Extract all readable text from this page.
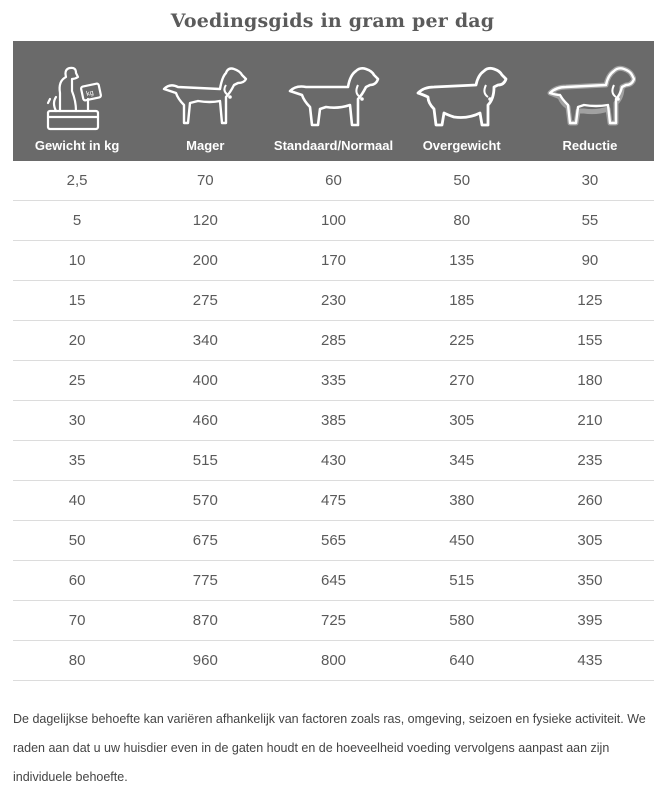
Voedingsgids in gram per dag
kg
Gewicht in kg	Mager	Standaard/Normaal	Overgewicht	Reductie
2,5	70	60	50	30
5	120	100	80	55
10	200	170	135	90
15	275	230	185	125
20	340	285	225	155
25	400	335	270	180
30	460	385	305	210
35	515	430	345	235
40	570	475	380	260
50	675	565	450	305
60	775	645	515	350
70	870	725	580	395
80	960	800	640	435
De dagelijkse behoefte kan variëren afhankelijk van factoren zoals ras, omgeving, seizoen en fysieke activiteit. We raden aan dat u uw huisdier even in de gaten houdt en de hoeveelheid voeding vervolgens aanpast aan zijn individuele behoefte.
